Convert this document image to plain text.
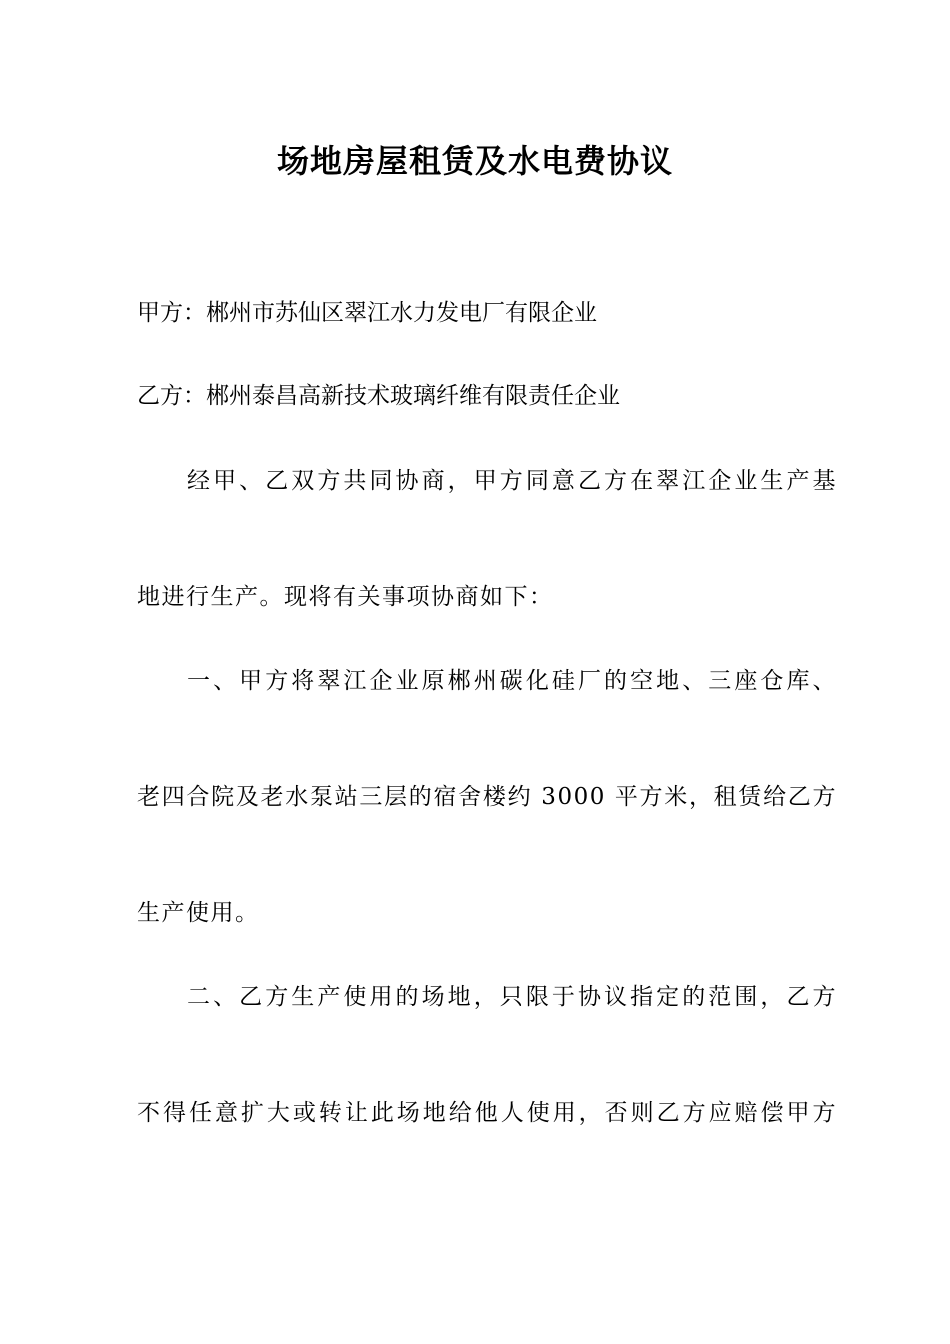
场地房屋租赁及水电费协议
甲方：郴州市苏仙区翠江水力发电厂有限企业
乙方：郴州泰昌高新技术玻璃纤维有限责任企业
经甲、乙双方共同协商，甲方同意乙方在翠江企业生产基
地进行生产。现将有关事项协商如下：
一、甲方将翠江企业原郴州碳化硅厂的空地、三座仓库、
老四合院及老水泵站三层的宿舍楼约 3000 平方米，租赁给乙方
生产使用。
二、乙方生产使用的场地，只限于协议指定的范围，乙方
不得任意扩大或转让此场地给他人使用，否则乙方应赔偿甲方
